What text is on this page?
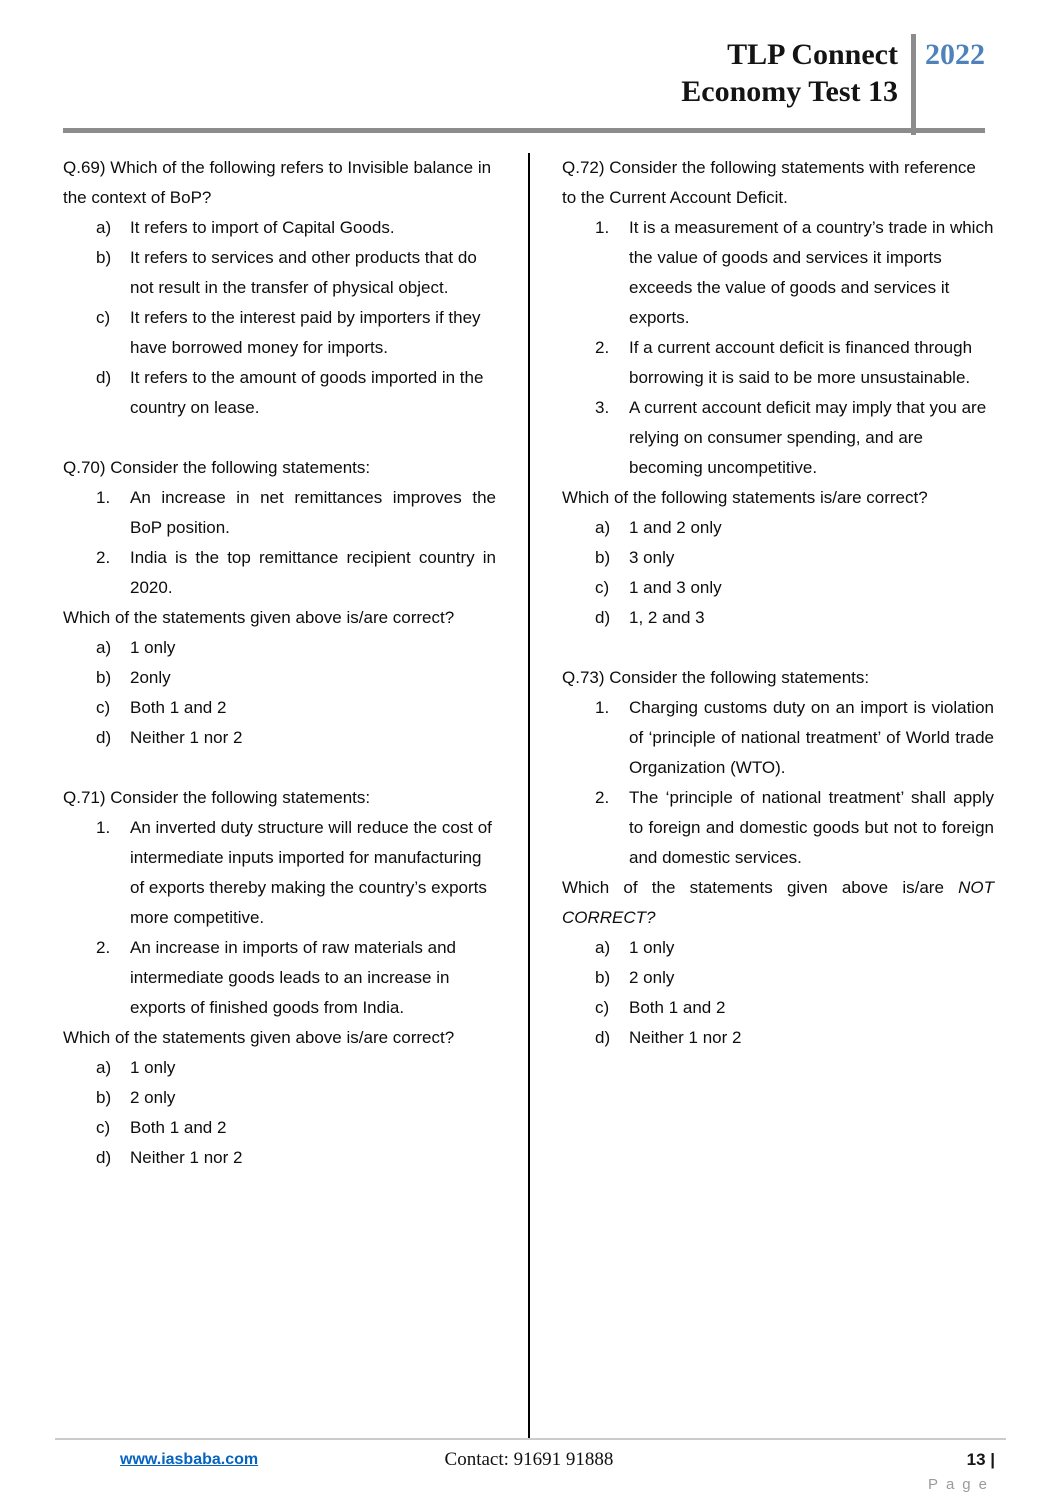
TLP Connect
Economy Test 13
2022

Q.69) Which of the following refers to Invisible balance in the context of BoP?

a)	It refers to import of Capital Goods.
b)	It refers to services and other products that do not result in the transfer of physical object.
c)	It refers to the interest paid by importers if they have borrowed money for imports.
d)	It refers to the amount of goods imported in the country on lease.

Q.70) Consider the following statements:

1.	An increase in net remittances improves the BoP position.
2.	India is the top remittance recipient country in 2020.

Which of the statements given above is/are correct?

a)	1 only
b)	2only
c)	Both 1 and 2
d)	Neither 1 nor 2

Q.71) Consider the following statements:

1.	An inverted duty structure will reduce the cost of intermediate inputs imported for manufacturing of exports thereby making the country’s exports more competitive.
2.	An increase in imports of raw materials and intermediate goods leads to an increase in exports of finished goods from India.

Which of the statements given above is/are correct?

a)	1 only
b)	2 only
c)	Both 1 and 2
d)	Neither 1 nor 2

Q.72) Consider the following statements with reference to the Current Account Deficit.

1.	It is a measurement of a country’s trade in which the value of goods and services it imports exceeds the value of goods and services it exports.
2.	If a current account deficit is financed through borrowing it is said to be more unsustainable.
3.	A current account deficit may imply that you are relying on consumer spending, and are becoming uncompetitive.

Which of the following statements is/are correct?

a)	1 and 2 only
b)	3 only
c)	1 and 3 only
d)	1, 2 and 3

Q.73) Consider the following statements:

1.	Charging customs duty on an import is violation of ‘principle of national treatment’ of World trade Organization (WTO).
2.	The ‘principle of national treatment’ shall apply to foreign and domestic goods but not to foreign and domestic services.

Which of the statements given above is/are NOT CORRECT?

a)	1 only
b)	2 only
c)	Both 1 and 2
d)	Neither 1 nor 2
www.iasbaba.com	Contact: 91691 91888	13 |
Page
